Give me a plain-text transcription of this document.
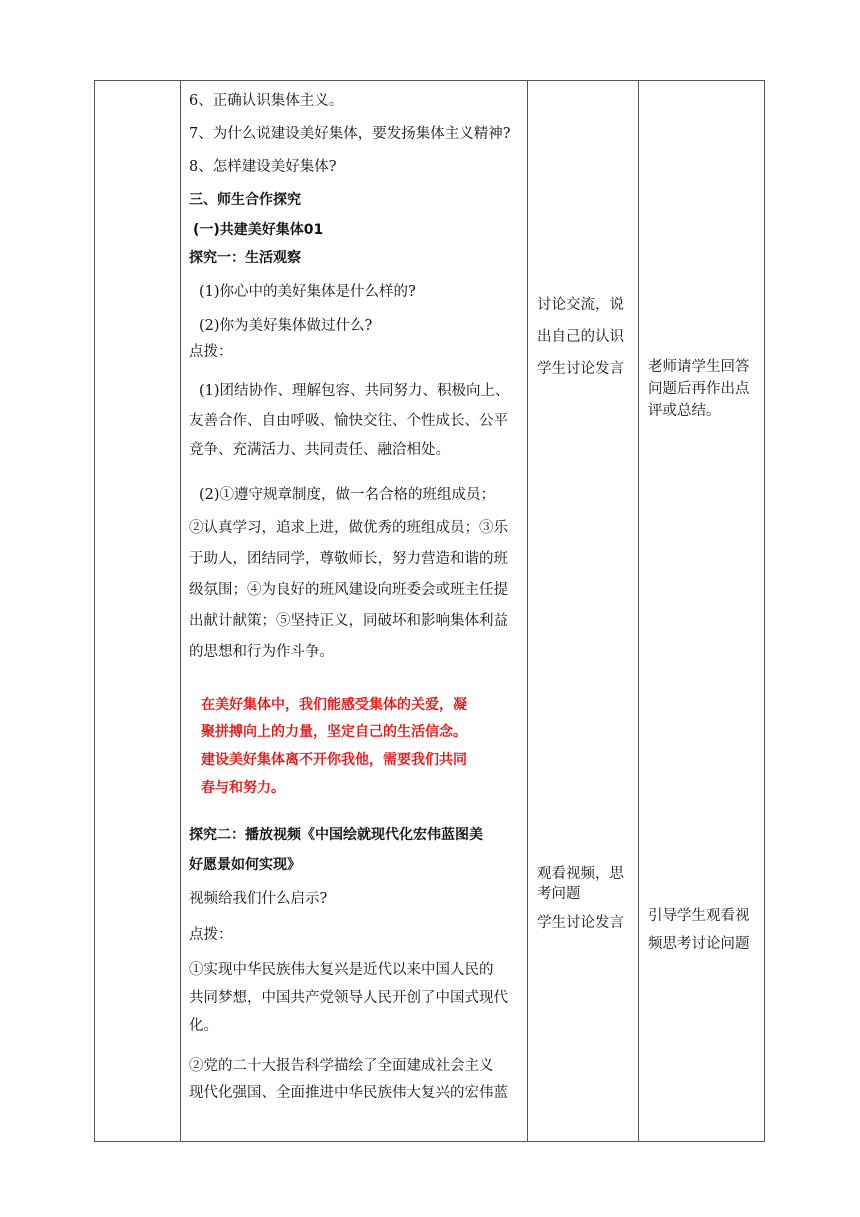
6、正确认识集体主义。
7、为什么说建设美好集体，要发扬集体主义精神?
8、怎样建设美好集体?
三、师生合作探究
(一)共建美好集体01
探究一：生活观察
(1)你心中的美好集体是什么样的?
(2)你为美好集体做过什么?
点拨：
(1)团结协作、理解包容、共同努力、积极向上、
友善合作、自由呼吸、愉快交往、个性成长、公平
竞争、充满活力、共同责任、融洽相处。
(2)①遵守规章制度，做一名合格的班组成员；
②认真学习，追求上进，做优秀的班组成员；③乐
于助人，团结同学，尊敬师长，努力营造和谐的班
级氛围；④为良好的班风建设向班委会或班主任提
出献计献策；⑤坚持正义，同破坏和影响集体利益
的思想和行为作斗争。
在美好集体中，我们能感受集体的关爱，凝
聚拼搏向上的力量，坚定自己的生活信念。
建设美好集体离不开你我他，需要我们共同
春与和努力。
探究二：播放视频《中国绘就现代化宏伟蓝图美
好愿景如何实现》
视频给我们什么启示?
点拨：
①实现中华民族伟大复兴是近代以来中国人民的
共同梦想，中国共产党领导人民开创了中国式现代
化。
②党的二十大报告科学描绘了全面建成社会主义
现代化强国、全面推进中华民族伟大复兴的宏伟蓝
讨论交流，说
出自己的认识
学生讨论发言
观看视频，思
考问题
学生讨论发言
老师请学生回答
问题后再作出点
评或总结。
引导学生观看视
频思考讨论问题
